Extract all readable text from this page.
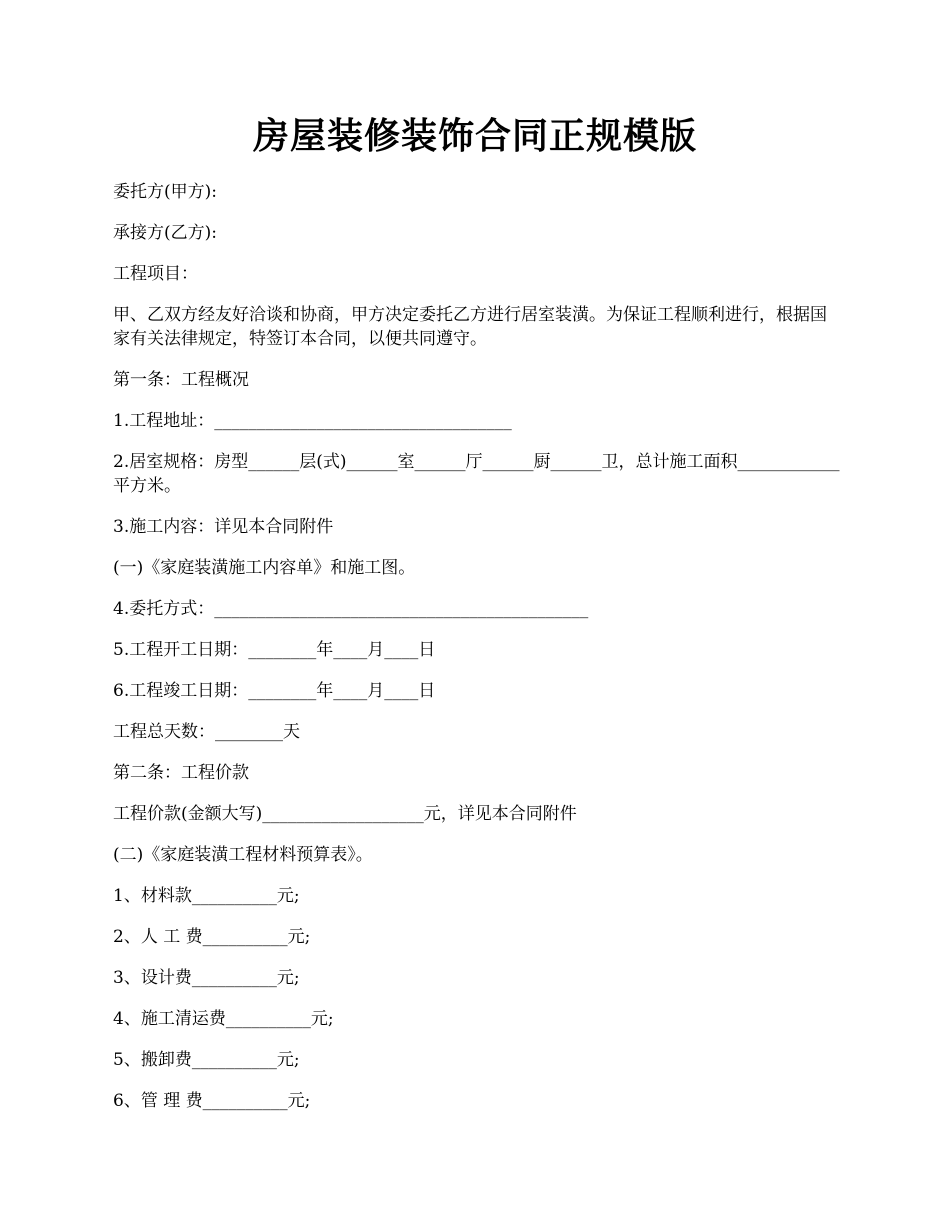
房屋装修装饰合同正规模版

委托方(甲方):

承接方(乙方):

工程项目：

甲、乙双方经友好洽谈和协商，甲方决定委托乙方进行居室装潢。为保证工程顺利进行，根据国家有关法律规定，特签订本合同，以便共同遵守。

第一条：工程概况

1.工程地址：___________________________________

2.居室规格：房型______层(式)______室______厅______厨______卫，总计施工面积____________平方米。

3.施工内容：详见本合同附件

(一)《家庭装潢施工内容单》和施工图。

4.委托方式：____________________________________________

5.工程开工日期：________年____月____日

6.工程竣工日期：________年____月____日

工程总天数：________天

第二条：工程价款

工程价款(金额大写)___________________元，详见本合同附件

(二)《家庭装潢工程材料预算表》。

1、材料款__________元;

2、人 工 费__________元;

3、设计费__________元;

4、施工清运费__________元;

5、搬卸费__________元;

6、管 理 费__________元;
